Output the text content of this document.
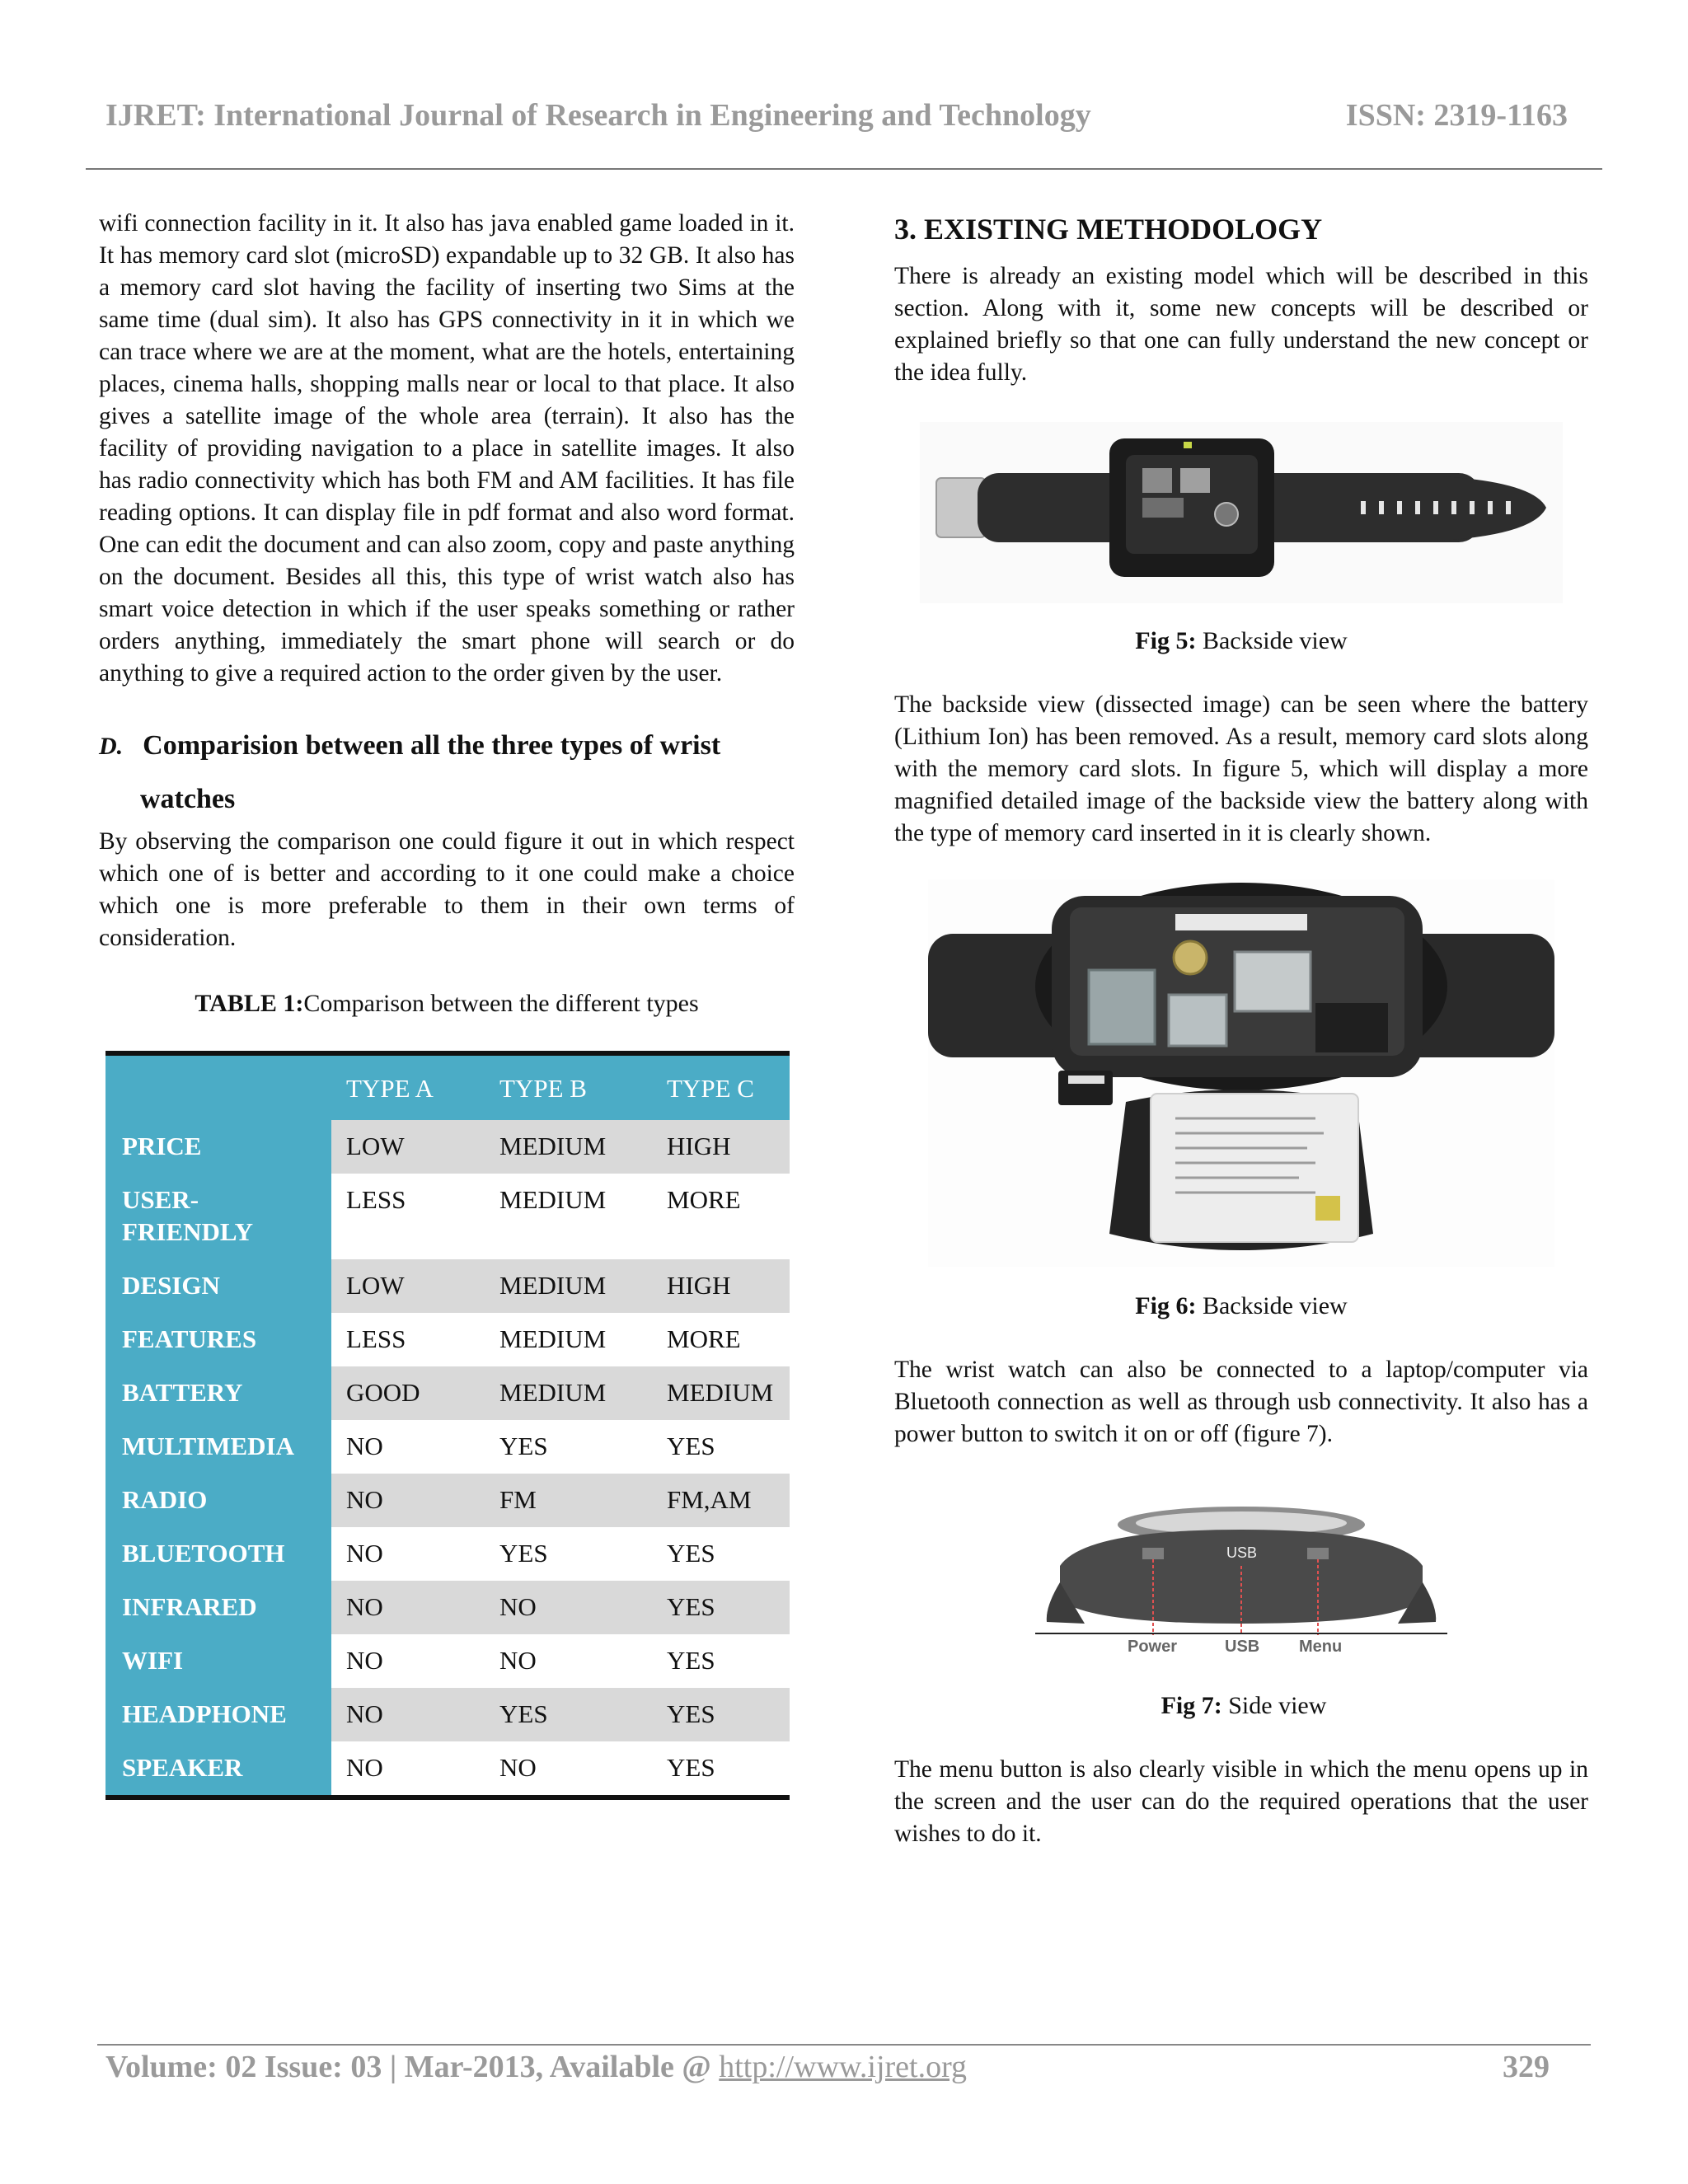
IJRET: International Journal of Research in Engineering and Technology	ISSN: 2319-1163

wifi connection facility in it. It also has java enabled game loaded in it. It has memory card slot (microSD) expandable up to 32 GB. It also has a memory card slot having the facility of inserting two Sims at the same time (dual sim). It also has GPS connectivity in it in which we can trace where we are at the moment, what are the hotels, entertaining places, cinema halls, shopping malls near or local to that place. It also gives a satellite image of the whole area (terrain). It also has the facility of providing navigation to a place in satellite images. It also has radio connectivity which has both FM and AM facilities. It has file reading options. It can display file in pdf format and also word format. One can edit the document and can also zoom, copy and paste anything on the document. Besides all this, this type of wrist watch also has smart voice detection in which if the user speaks something or rather orders anything, immediately the smart phone will search or do anything to give a required action to the order given by the user.

D. Comparision between all the three types of wrist
watches

By observing the comparison one could figure it out in which respect which one of is better and according to it one could make a choice which one is more preferable to them in their own terms of consideration.

TABLE 1:Comparison between the different types
	TYPE A	TYPE B	TYPE C
PRICE	LOW	MEDIUM	HIGH
USER-FRIENDLY	LESS	MEDIUM	MORE
DESIGN	LOW	MEDIUM	HIGH
FEATURES	LESS	MEDIUM	MORE
BATTERY	GOOD	MEDIUM	MEDIUM
MULTIMEDIA	NO	YES	YES
RADIO	NO	FM	FM,AM
BLUETOOTH	NO	YES	YES
INFRARED	NO	NO	YES
WIFI	NO	NO	YES
HEADPHONE	NO	YES	YES
SPEAKER	NO	NO	YES
3. EXISTING METHODOLOGY

There is already an existing model which will be described in this section. Along with it, some new concepts will be described or explained briefly so that one can fully understand the new concept or the idea fully.

Fig 5: Backside view

The backside view (dissected image) can be seen where the battery (Lithium Ion) has been removed. As a result, memory card slots along with the memory card slots. In figure 5, which will display a more magnified detailed image of the backside view the battery along with the type of memory card inserted in it is clearly shown.

Fig 6: Backside view

The wrist watch can also be connected to a laptop/computer via Bluetooth connection as well as through usb connectivity. It also has a power button to switch it on or off (figure 7).

USB
Power	USB Menu

Fig 7: Side view

The menu button is also clearly visible in which the menu opens up in the screen and the user can do the required operations that the user wishes to do it.

Volume: 02 Issue: 03 | Mar-2013, Available @ http://www.ijret.org	329
